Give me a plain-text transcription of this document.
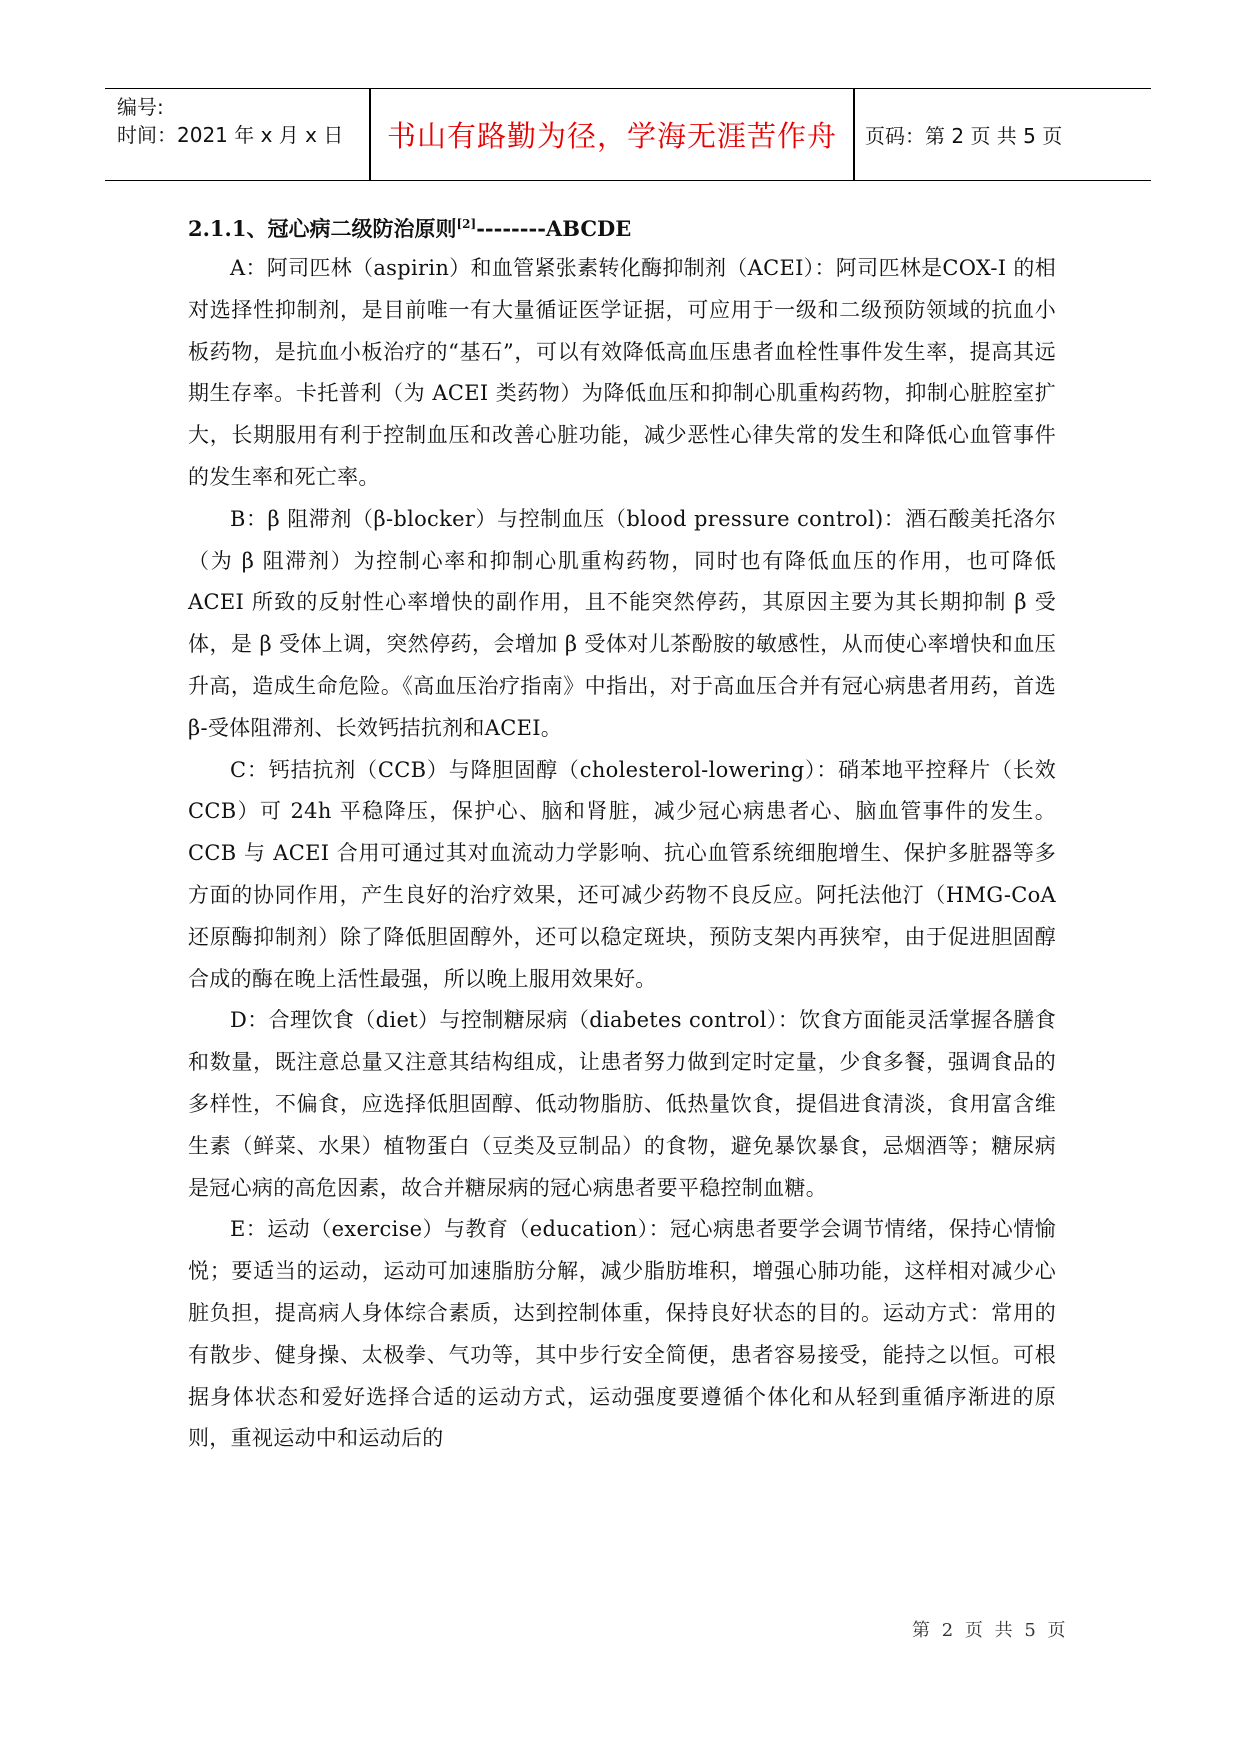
编号:
时间：2021 年 x 月 x 日	书山有路勤为径，学海无涯苦作舟	页码：第 2 页 共 5 页
2.1.1、冠心病二级防治原则[2]--------ABCDE

A：阿司匹林（aspirin）和血管紧张素转化酶抑制剂（ACEI）：阿司匹林是COX-I 的相对选择性抑制剂，是目前唯一有大量循证医学证据，可应用于一级和二级预防领域的抗血小板药物，是抗血小板治疗的“基石”，可以有效降低高血压患者血栓性事件发生率，提高其远期生存率。卡托普利（为 ACEI 类药物）为降低血压和抑制心肌重构药物，抑制心脏腔室扩大，长期服用有利于控制血压和改善心脏功能，减少恶性心律失常的发生和降低心血管事件的发生率和死亡率。

B：β 阻滞剂（β-blocker）与控制血压（blood pressure control)：酒石酸美托洛尔（为 β 阻滞剂）为控制心率和抑制心肌重构药物，同时也有降低血压的作用，也可降低 ACEI 所致的反射性心率增快的副作用，且不能突然停药，其原因主要为其长期抑制 β 受体，是 β 受体上调，突然停药，会增加 β 受体对儿茶酚胺的敏感性，从而使心率增快和血压升高，造成生命危险。《高血压治疗指南》中指出，对于高血压合并有冠心病患者用药，首选 β-受体阻滞剂、长效钙拮抗剂和ACEI。

C：钙拮抗剂（CCB）与降胆固醇（cholesterol-lowering）：硝苯地平控释片（长效 CCB）可 24h 平稳降压，保护心、脑和肾脏，减少冠心病患者心、脑血管事件的发生。CCB 与 ACEI 合用可通过其对血流动力学影响、抗心血管系统细胞增生、保护多脏器等多方面的协同作用，产生良好的治疗效果，还可减少药物不良反应。阿托法他汀（HMG-CoA 还原酶抑制剂）除了降低胆固醇外，还可以稳定斑块，预防支架内再狭窄，由于促进胆固醇合成的酶在晚上活性最强，所以晚上服用效果好。

D：合理饮食（diet）与控制糖尿病（diabetes control）：饮食方面能灵活掌握各膳食和数量，既注意总量又注意其结构组成，让患者努力做到定时定量，少食多餐，强调食品的多样性，不偏食，应选择低胆固醇、低动物脂肪、低热量饮食，提倡进食清淡，食用富含维生素（鲜菜、水果）植物蛋白（豆类及豆制品）的食物，避免暴饮暴食，忌烟酒等；糖尿病是冠心病的高危因素，故合并糖尿病的冠心病患者要平稳控制血糖。

E：运动（exercise）与教育（education）：冠心病患者要学会调节情绪，保持心情愉悦；要适当的运动，运动可加速脂肪分解，减少脂肪堆积，增强心肺功能，这样相对减少心脏负担，提高病人身体综合素质，达到控制体重，保持良好状态的目的。运动方式：常用的有散步、健身操、太极拳、气功等，其中步行安全简便，患者容易接受，能持之以恒。可根据身体状态和爱好选择合适的运动方式，运动强度要遵循个体化和从轻到重循序渐进的原则，重视运动中和运动后的

第 2 页 共 5 页
